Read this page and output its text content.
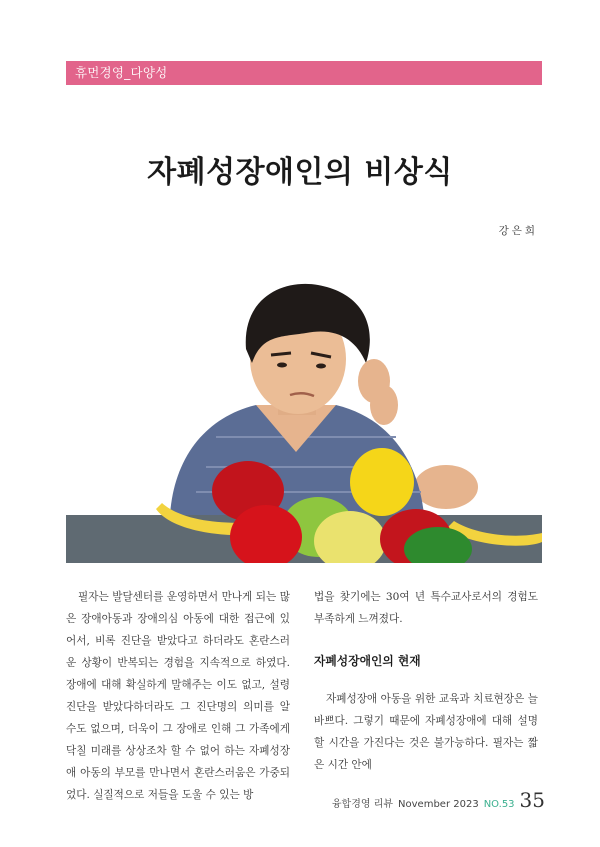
휴먼경영_다양성
자폐성장애인의 비상식
강은희

필자는 발달센터를 운영하면서 만나게 되는 많은 장애아동과 장애의심 아동에 대한 접근에 있어서, 비록 진단을 받았다고 하더라도 혼란스러운 상황이 반복되는 경험을 지속적으로 하였다. 장애에 대해 확실하게 말해주는 이도 없고, 설령 진단을 받았다하더라도 그 진단명의 의미를 알 수도 없으며, 더욱이 그 장애로 인해 그 가족에게 닥칠 미래를 상상조차 할 수 없어 하는 자폐성장애 아동의 부모를 만나면서 혼란스러움은 가중되었다. 실질적으로 저들을 도울 수 있는 방

법을 찾기에는 30여 년 특수교사로서의 경험도 부족하게 느껴졌다.

자폐성장애인의 현재

자폐성장애 아동을 위한 교육과 치료현장은 늘 바쁘다. 그렇기 때문에 자폐성장애에 대해 설명할 시간을 가진다는 것은 불가능하다. 필자는 짧은 시간 안에

융합경영 리뷰 November 2023 NO.53 35
